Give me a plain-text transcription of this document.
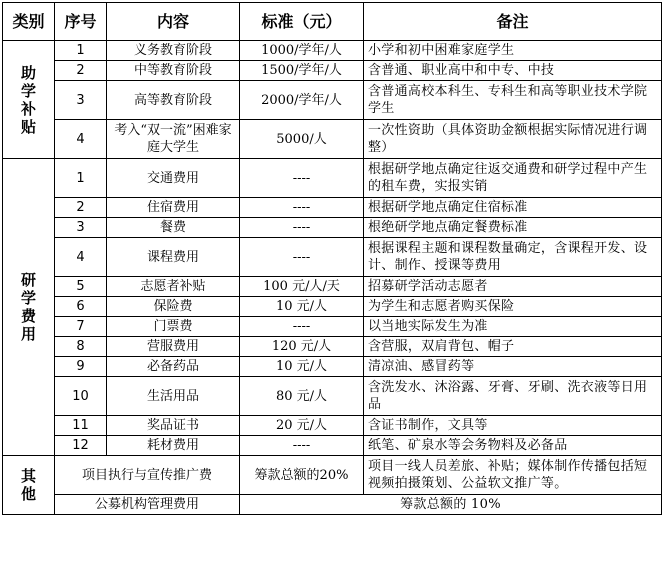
类别	序号	内容	标准（元）	备注

助学补贴	1	义务教育阶段	1000/学年/人	小学和初中困难家庭学生
	2	中等教育阶段	1500/学年/人	含普通、职业高中和中专、中技
	3	高等教育阶段	2000/学年/人	含普通高校本科生、专科生和高等职业技术学院学生
	4	考入“双一流”困难家庭大学生	5000/人	一次性资助（具体资助金额根据实际情况进行调整）

研学费用	1	交通费用	----	根据研学地点确定往返交通费和研学过程中产生的租车费，实报实销
	2	住宿费用	----	根据研学地点确定住宿标准
	3	餐费	----	根绝研学地点确定餐费标准
	4	课程费用	----	根据课程主题和课程数量确定，含课程开发、设计、制作、授课等费用
	5	志愿者补贴	100 元/人/天	招募研学活动志愿者
	6	保险费	10 元/人	为学生和志愿者购买保险
	7	门票费	----	以当地实际发生为准
	8	营服费用	120 元/人	含营服，双肩背包、帽子
	9	必备药品	10 元/人	清凉油、感冒药等
	10	生活用品	80 元/人	含洗发水、沐浴露、牙膏、牙刷、洗衣液等日用品
	11	奖品证书	20 元/人	含证书制作，文具等
	12	耗材费用	----	纸笔、矿泉水等会务物料及必备品

其他	项目执行与宣传推广费		筹款总额的20%	项目一线人员差旅、补贴；媒体制作传播包括短视频拍摄策划、公益软文推广等。
	公募机构管理费用		筹款总额的 10%	
